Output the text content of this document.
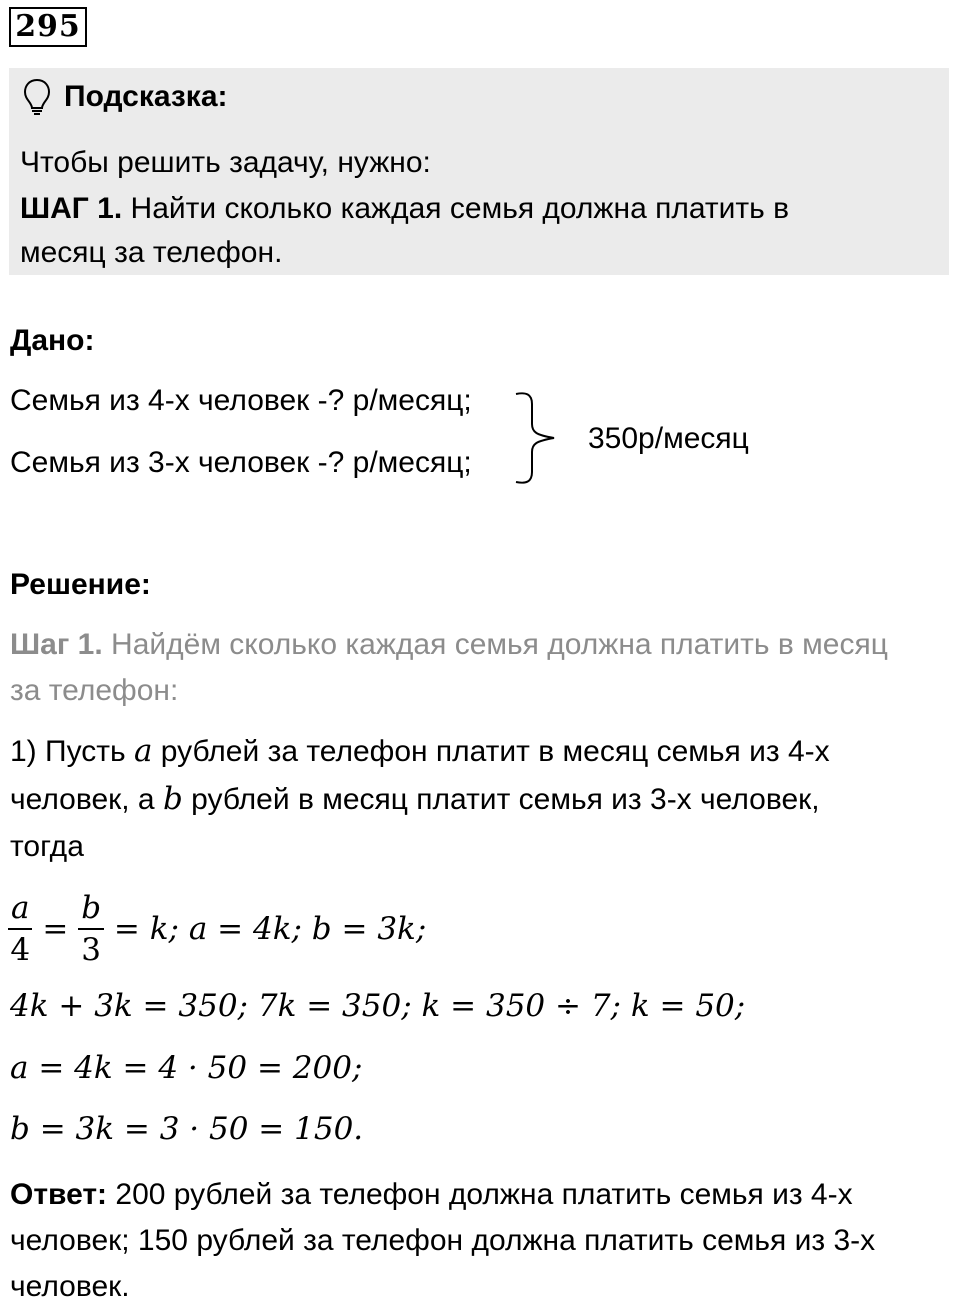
295
Подсказка:
Чтобы решить задачу, нужно:
ШАГ 1. Найти сколько каждая семья должна платить в
месяц за телефон.
Дано:
Семья из 4-х человек -? р/месяц;
Семья из 3-х человек -? р/месяц;
350р/месяц
Решение:
Шаг 1. Найдём сколько каждая семья должна платить в месяц
за телефон:
1) Пусть a рублей за телефон платит в месяц семья из 4-х
человек, а b рублей в месяц платит семья из 3-х человек,
тогда
$\frac{a}{4} = \frac{b}{3} = k$; a = 4k; b = 3k;
4k + 3k = 350; 7k = 350; k = 350 ÷ 7; k = 50;
a = 4k = 4 · 50 = 200;
b = 3k = 3 · 50 = 150.
Ответ: 200 рублей за телефон должна платить семья из 4-х
человек; 150 рублей за телефон должна платить семья из 3-х
человек.
